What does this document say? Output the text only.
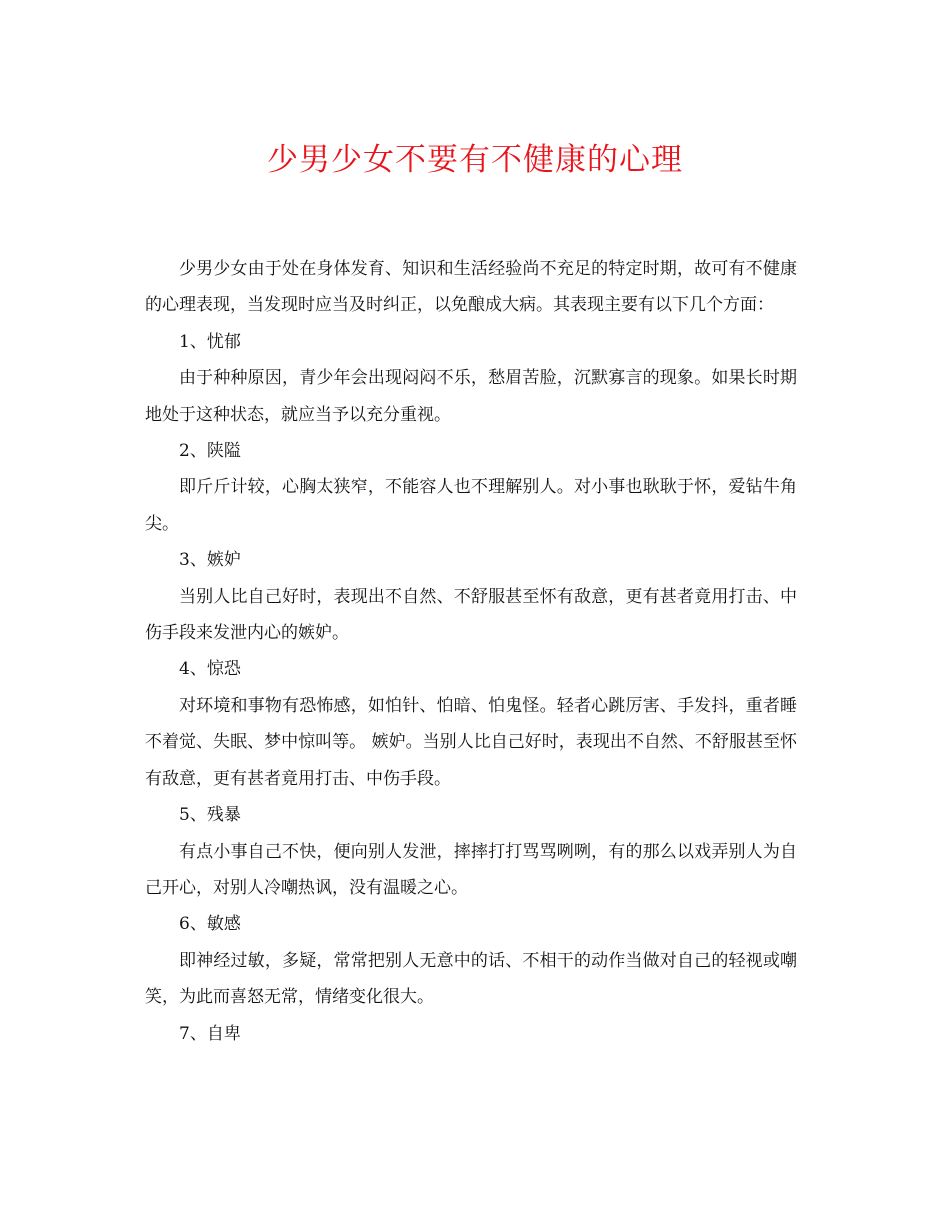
少男少女不要有不健康的心理

少男少女由于处在身体发育、知识和生活经验尚不充足的特定时期，故可有不健康的心理表现，当发现时应当及时纠正，以免酿成大病。其表现主要有以下几个方面：

1、忧郁

由于种种原因，青少年会出现闷闷不乐，愁眉苦脸，沉默寡言的现象。如果长时期地处于这种状态，就应当予以充分重视。

2、陕隘

即斤斤计较，心胸太狭窄，不能容人也不理解别人。对小事也耿耿于怀，爱钻牛角尖。

3、嫉妒

当别人比自己好时，表现出不自然、不舒服甚至怀有敌意，更有甚者竟用打击、中伤手段来发泄内心的嫉妒。

4、惊恐

对环境和事物有恐怖感，如怕针、怕暗、怕鬼怪。轻者心跳厉害、手发抖，重者睡不着觉、失眠、梦中惊叫等。 嫉妒。当别人比自己好时，表现出不自然、不舒服甚至怀有敌意，更有甚者竟用打击、中伤手段。

5、残暴

有点小事自己不快，便向别人发泄，摔摔打打骂骂咧咧，有的那么以戏弄别人为自己开心，对别人冷嘲热讽，没有温暖之心。

6、敏感

即神经过敏，多疑，常常把别人无意中的话、不相干的动作当做对自己的轻视或嘲笑，为此而喜怒无常，情绪变化很大。

7、自卑
